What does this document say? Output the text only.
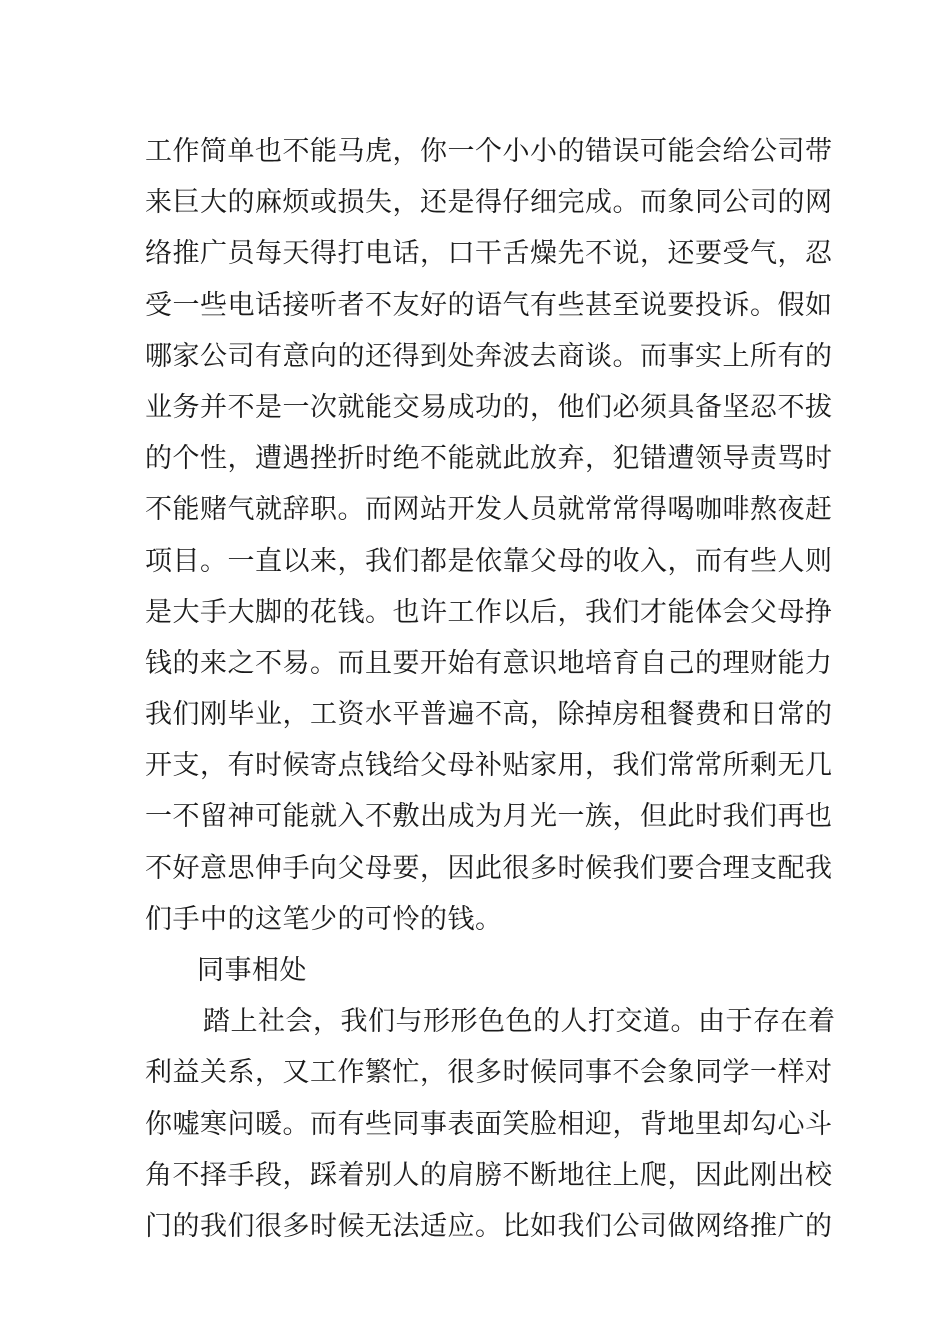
工作简单也不能马虎，你一个小小的错误可能会给公司带
来巨大的麻烦或损失，还是得仔细完成。而象同公司的网
络推广员每天得打电话，口干舌燥先不说，还要受气，忍
受一些电话接听者不友好的语气有些甚至说要投诉。假如
哪家公司有意向的还得到处奔波去商谈。而事实上所有的
业务并不是一次就能交易成功的，他们必须具备坚忍不拔
的个性，遭遇挫折时绝不能就此放弃，犯错遭领导责骂时
不能赌气就辞职。而网站开发人员就常常得喝咖啡熬夜赶
项目。一直以来，我们都是依靠父母的收入，而有些人则
是大手大脚的花钱。也许工作以后，我们才能体会父母挣
钱的来之不易。而且要开始有意识地培育自己的理财能力
我们刚毕业，工资水平普遍不高，除掉房租餐费和日常的
开支，有时候寄点钱给父母补贴家用，我们常常所剩无几
一不留神可能就入不敷出成为月光一族，但此时我们再也
不好意思伸手向父母要，因此很多时候我们要合理支配我
们手中的这笔少的可怜的钱。
同事相处
踏上社会，我们与形形色色的人打交道。由于存在着
利益关系，又工作繁忙，很多时候同事不会象同学一样对
你嘘寒问暖。而有些同事表面笑脸相迎，背地里却勾心斗
角不择手段，踩着别人的肩膀不断地往上爬，因此刚出校
门的我们很多时候无法适应。比如我们公司做网络推广的
